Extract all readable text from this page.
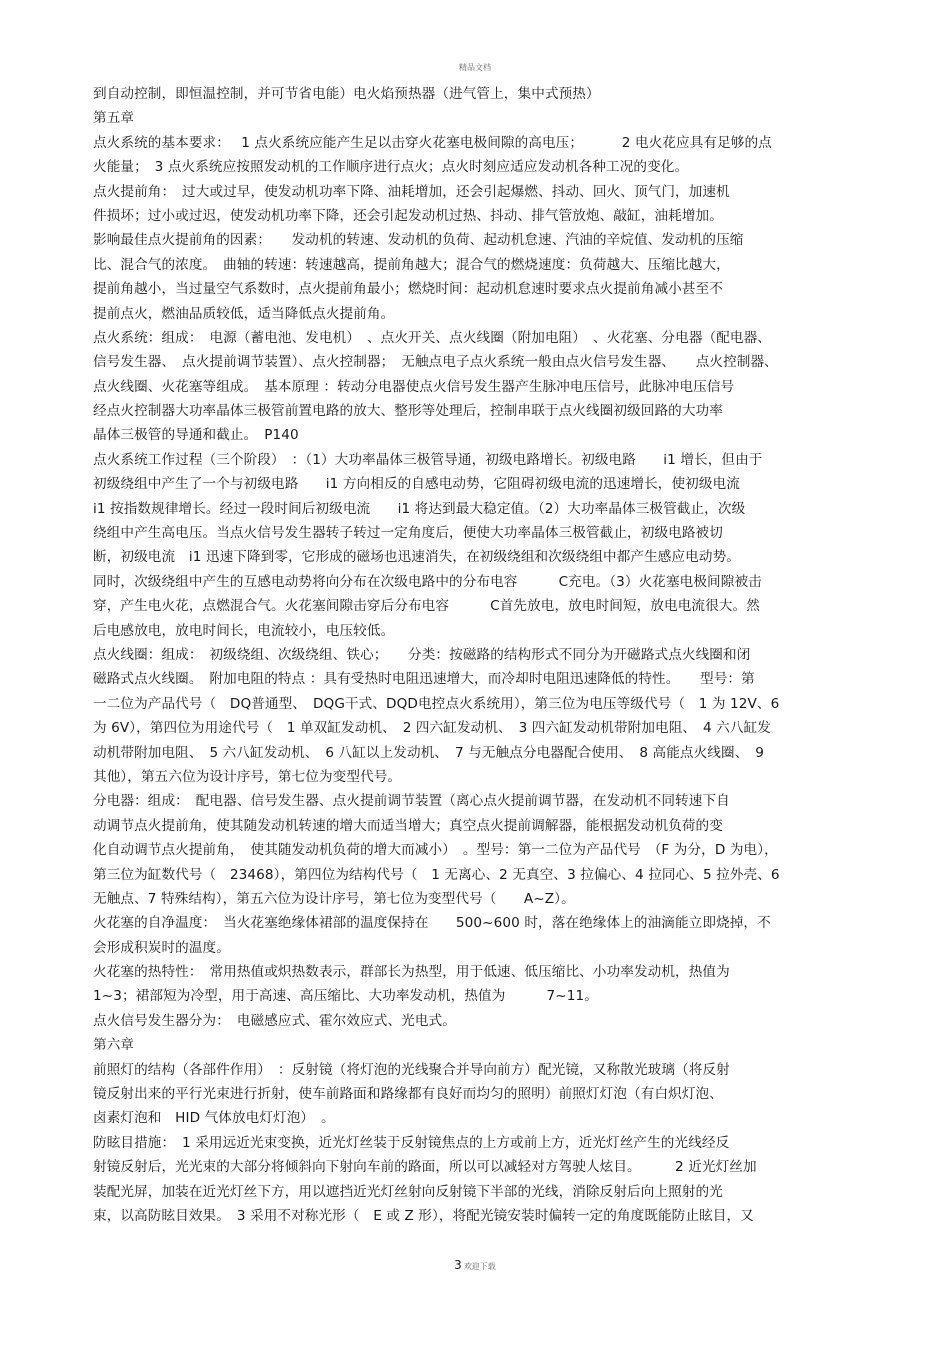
精品文档
到自动控制，即恒温控制，并可节省电能）电火焰预热器（进气管上，集中式预热）
第五章
点火系统的基本要求：　 1 点火系统应能产生足以击穿火花塞电极间隙的高电压；　　　 2 电火花应具有足够的点
火能量；　3 点火系统应按照发动机的工作顺序进行点火；点火时刻应适应发动机各种工况的变化。
点火提前角：　过大或过早，使发动机功率下降、油耗增加，还会引起爆燃、抖动、回火、顶气门，加速机
件损坏；过小或过迟，使发动机功率下降，还会引起发动机过热、抖动、排气管放炮、敲缸，油耗增加。
影响最佳点火提前角的因素：　　发动机的转速、发动机的负荷、起动机怠速、汽油的辛烷值、发动机的压缩
比、混合气的浓度。　曲轴的转速：转速越高，提前角越大；混合气的燃烧速度：负荷越大、压缩比越大，
提前角越小，当过量空气系数时，点火提前角最小；燃烧时间：起动机怠速时要求点火提前角减小甚至不
提前点火，燃油品质较低，适当降低点火提前角。
点火系统：组成：　电源（蓄电池、发电机）　、点火开关、点火线圈（附加电阻）　、火花塞、分电器（配电器、
信号发生器、　点火提前调节装置）、点火控制器；　无触点电子点火系统一般由点火信号发生器、　　点火控制器、
点火线圈、火花塞等组成。　基本原理 ：转动分电器使点火信号发生器产生脉冲电压信号，此脉冲电压信号
经点火控制器大功率晶体三极管前置电路的放大、整形等处理后，控制串联于点火线圈初级回路的大功率
晶体三极管的导通和截止。　P140
点火系统工作过程（三个阶段）　：（1）大功率晶体三极管导通，初级电路增长。初级电路　　i1 增长，但由于
初级绕组中产生了一个与初级电路　　i1 方向相反的自感电动势，它阻碍初级电流的迅速增长，使初级电流
i1 按指数规律增长。经过一段时间后初级电流　　i1 将达到最大稳定值。（2）大功率晶体三极管截止，次级
绕组中产生高电压。当点火信号发生器转子转过一定角度后，便使大功率晶体三极管截止，初级电路被切
断，初级电流　i1 迅速下降到零，它形成的磁场也迅速消失，在初级绕组和次级绕组中都产生感应电动势。
同时，次级绕组中产生的互感电动势将向分布在次级电路中的分布电容　　　C充电。（3）火花塞电极间隙被击
穿，产生电火花，点燃混合气。火花塞间隙击穿后分布电容　　　C首先放电，放电时间短，放电电流很大。然
后电感放电，放电时间长，电流较小，电压较低。
点火线圈：组成：　初级绕组、次级绕组、铁心；　　分类：按磁路的结构形式不同分为开磁路式点火线圈和闭
磁路式点火线圈。　附加电阻的特点 ：具有受热时电阻迅速增大，而冷却时电阻迅速降低的特性。　　型号：第
一二位为产品代号（　DQ普通型、　DQG干式、DQD电控点火系统用），第三位为电压等级代号（　1 为 12V、6
为 6V），第四位为用途代号（　1 单双缸发动机、　2 四六缸发动机、　3 四六缸发动机带附加电阻、　4 六八缸发
动机带附加电阻、　5 六八缸发动机、　6 八缸以上发动机、　7 与无触点分电器配合使用、　8 高能点火线圈、　9
其他），第五六位为设计序号，第七位为变型代号。
分电器：组成：　配电器、信号发生器、点火提前调节装置（离心点火提前调节器，在发动机不同转速下自
动调节点火提前角，使其随发动机转速的增大而适当增大；真空点火提前调解器，能根据发动机负荷的变
化自动调节点火提前角，　使其随发动机负荷的增大而减小）　。型号：第一二位为产品代号　（F 为分，D 为电），
第三位为缸数代号（　23468），第四位为结构代号（　1 无离心、2 无真空、3 拉偏心、4 拉同心、5 拉外壳、6
无触点、7 特殊结构），第五六位为设计序号，第七位为变型代号（　　A~Z）。
火花塞的自净温度：　当火花塞绝缘体裙部的温度保持在　　500~600 时，落在绝缘体上的油滴能立即烧掉，不
会形成积炭时的温度。
火花塞的热特性：　常用热值或炽热数表示，群部长为热型，用于低速、低压缩比、小功率发动机，热值为
1~3；裙部短为冷型，用于高速、高压缩比、大功率发动机，热值为　　　7~11。
点火信号发生器分为：　电磁感应式、霍尔效应式、光电式。
第六章
前照灯的结构（各部件作用）　：反射镜（将灯泡的光线聚合并导向前方）配光镜，又称散光玻璃（将反射
镜反射出来的平行光束进行折射，使车前路面和路缘都有良好而均匀的照明）前照灯灯泡（有白炽灯泡、
卤素灯泡和　HID 气体放电灯灯泡）　。
防眩目措施：　1 采用远近光束变换，近光灯丝装于反射镜焦点的上方或前上方，近光灯丝产生的光线经反
射镜反射后，光光束的大部分将倾斜向下射向车前的路面，所以可以减轻对方驾驶人炫目。　　　2 近光灯丝加
装配光屏，加装在近光灯丝下方，用以遮挡近光灯丝射向反射镜下半部的光线，消除反射后向上照射的光
束，以高防眩目效果。　3 采用不对称光形（　E 或 Z 形），将配光镜安装时偏转一定的角度既能防止眩目，又
3 欢迎下载
